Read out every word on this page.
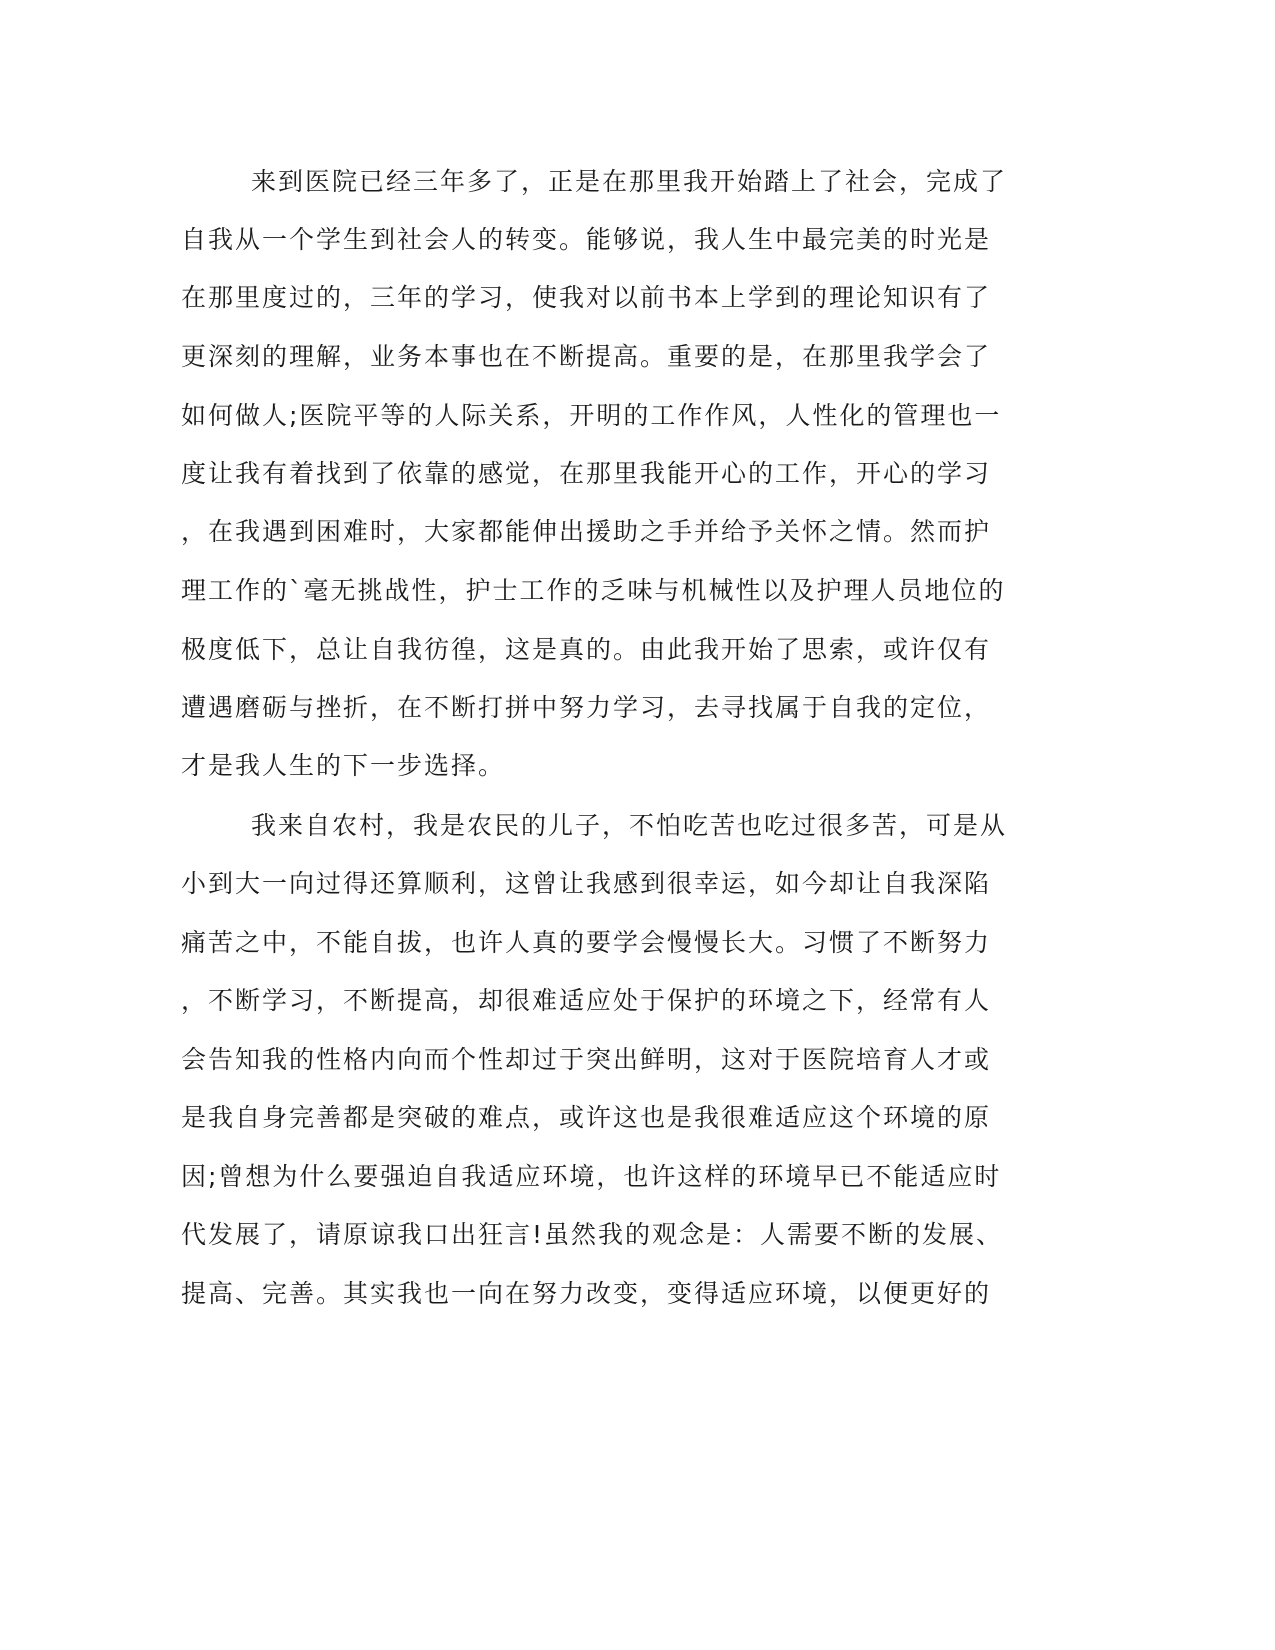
来到医院已经三年多了，正是在那里我开始踏上了社会，完成了
自我从一个学生到社会人的转变。能够说，我人生中最完美的时光是
在那里度过的，三年的学习，使我对以前书本上学到的理论知识有了
更深刻的理解，业务本事也在不断提高。重要的是，在那里我学会了
如何做人;医院平等的人际关系，开明的工作作风，人性化的管理也一
度让我有着找到了依靠的感觉，在那里我能开心的工作，开心的学习
，在我遇到困难时，大家都能伸出援助之手并给予关怀之情。然而护
理工作的`毫无挑战性，护士工作的乏味与机械性以及护理人员地位的
极度低下，总让自我彷徨，这是真的。由此我开始了思索，或许仅有
遭遇磨砺与挫折，在不断打拼中努力学习，去寻找属于自我的定位，
才是我人生的下一步选择。
我来自农村，我是农民的儿子，不怕吃苦也吃过很多苦，可是从
小到大一向过得还算顺利，这曾让我感到很幸运，如今却让自我深陷
痛苦之中，不能自拔，也许人真的要学会慢慢长大。习惯了不断努力
，不断学习，不断提高，却很难适应处于保护的环境之下，经常有人
会告知我的性格内向而个性却过于突出鲜明，这对于医院培育人才或
是我自身完善都是突破的难点，或许这也是我很难适应这个环境的原
因;曾想为什么要强迫自我适应环境，也许这样的环境早已不能适应时
代发展了，请原谅我口出狂言!虽然我的观念是：人需要不断的发展、
提高、完善。其实我也一向在努力改变，变得适应环境，以便更好的
